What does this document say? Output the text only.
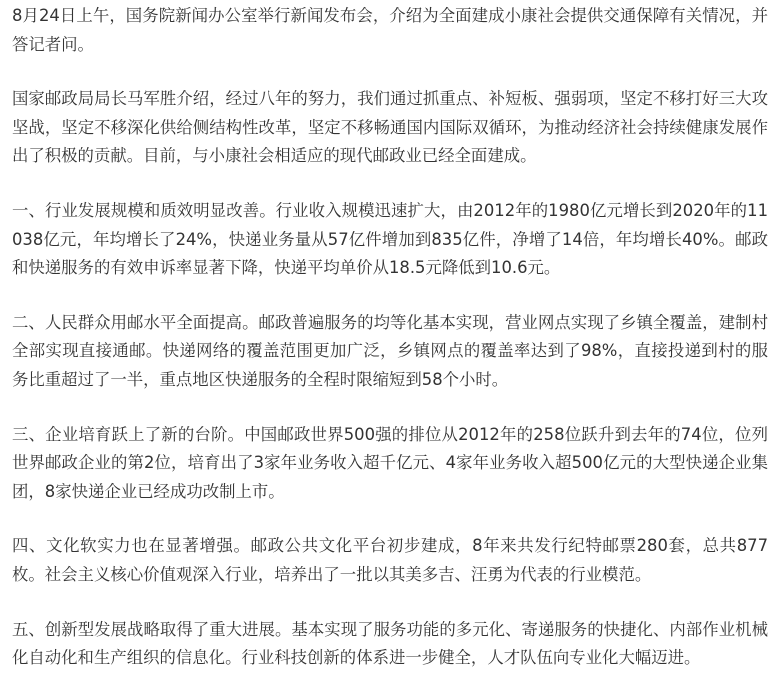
8月24日上午，国务院新闻办公室举行新闻发布会，介绍为全面建成小康社会提供交通保障有关情况，并答记者问。

国家邮政局局长马军胜介绍，经过八年的努力，我们通过抓重点、补短板、强弱项，坚定不移打好三大攻坚战，坚定不移深化供给侧结构性改革，坚定不移畅通国内国际双循环，为推动经济社会持续健康发展作出了积极的贡献。目前，与小康社会相适应的现代邮政业已经全面建成。

一、行业发展规模和质效明显改善。行业收入规模迅速扩大，由2012年的1980亿元增长到2020年的11038亿元，年均增长了24%，快递业务量从57亿件增加到835亿件，净增了14倍，年均增长40%。邮政和快递服务的有效申诉率显著下降，快递平均单价从18.5元降低到10.6元。

二、人民群众用邮水平全面提高。邮政普遍服务的均等化基本实现，营业网点实现了乡镇全覆盖，建制村全部实现直接通邮。快递网络的覆盖范围更加广泛，乡镇网点的覆盖率达到了98%，直接投递到村的服务比重超过了一半，重点地区快递服务的全程时限缩短到58个小时。

三、企业培育跃上了新的台阶。中国邮政世界500强的排位从2012年的258位跃升到去年的74位，位列世界邮政企业的第2位，培育出了3家年业务收入超千亿元、4家年业务收入超500亿元的大型快递企业集团，8家快递企业已经成功改制上市。

四、文化软实力也在显著增强。邮政公共文化平台初步建成，8年来共发行纪特邮票280套，总共877枚。社会主义核心价值观深入行业，培养出了一批以其美多吉、汪勇为代表的行业模范。

五、创新型发展战略取得了重大进展。基本实现了服务功能的多元化、寄递服务的快捷化、内部作业机械化自动化和生产组织的信息化。行业科技创新的体系进一步健全，人才队伍向专业化大幅迈进。
